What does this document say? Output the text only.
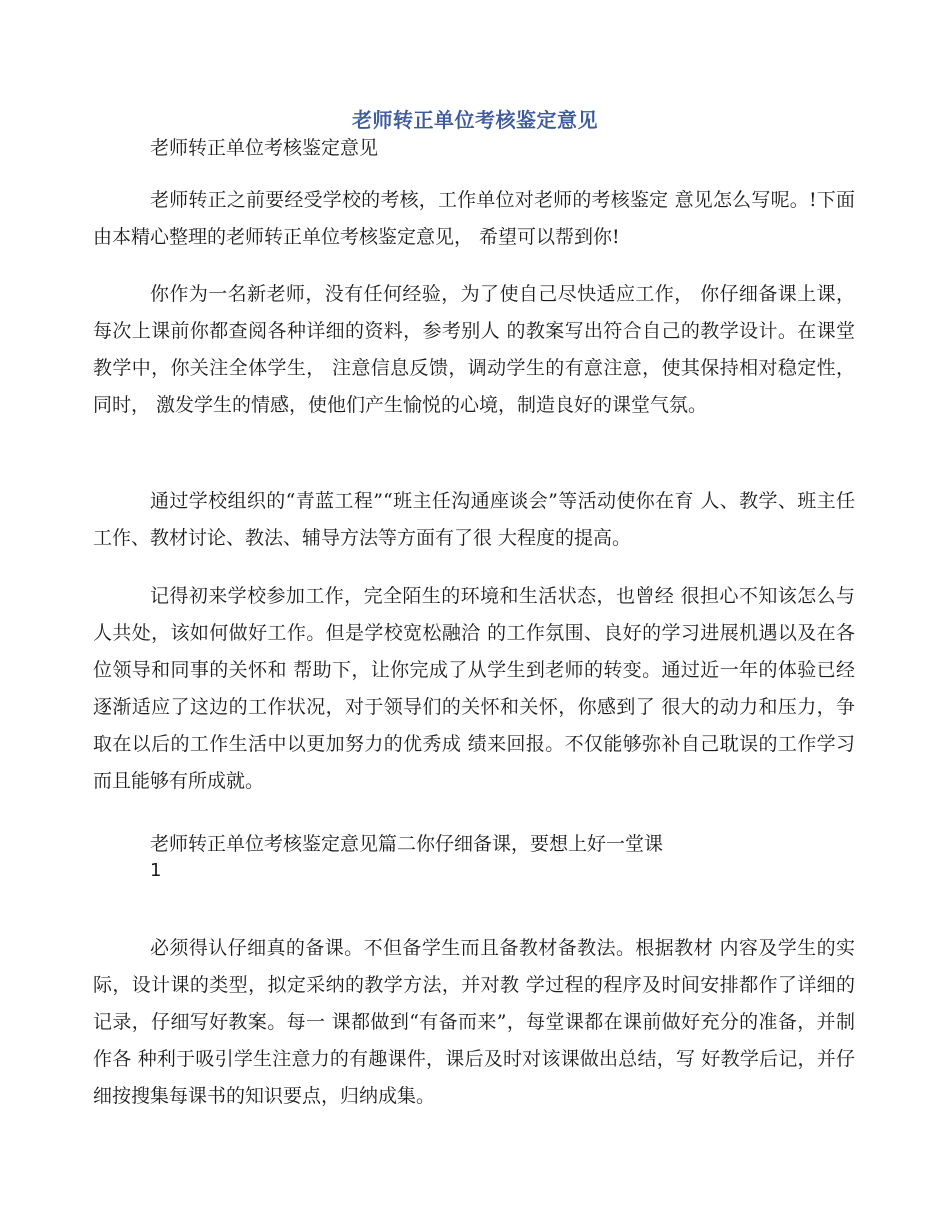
老师转正单位考核鉴定意见

老师转正单位考核鉴定意见

老师转正之前要经受学校的考核，工作单位对老师的考核鉴定 意见怎么写呢。!下面由本精心整理的老师转正单位考核鉴定意见， 希望可以帮到你!

你作为一名新老师，没有任何经验，为了使自己尽快适应工作， 你仔细备课上课，每次上课前你都查阅各种详细的资料，参考别人 的教案写出符合自己的教学设计。在课堂教学中，你关注全体学生， 注意信息反馈，调动学生的有意注意，使其保持相对稳定性，同时， 激发学生的情感，使他们产生愉悦的心境，制造良好的课堂气氛。

通过学校组织的“青蓝工程”“班主任沟通座谈会”等活动使你在育 人、教学、班主任工作、教材讨论、教法、辅导方法等方面有了很 大程度的提高。

记得初来学校参加工作，完全陌生的环境和生活状态，也曾经 很担心不知该怎么与人共处，该如何做好工作。但是学校宽松融洽 的工作氛围、良好的学习进展机遇以及在各位领导和同事的关怀和 帮助下，让你完成了从学生到老师的转变。通过近一年的体验已经 逐渐适应了这边的工作状况，对于领导们的关怀和关怀，你感到了 很大的动力和压力，争取在以后的工作生活中以更加努力的优秀成 绩来回报。不仅能够弥补自己耽误的工作学习而且能够有所成就。

老师转正单位考核鉴定意见篇二你仔细备课，要想上好一堂课

1

必须得认仔细真的备课。不但备学生而且备教材备教法。根据教材 内容及学生的实际，设计课的类型，拟定采纳的教学方法，并对教 学过程的程序及时间安排都作了详细的记录，仔细写好教案。每一 课都做到“有备而来”，每堂课都在课前做好充分的准备，并制作各 种利于吸引学生注意力的有趣课件，课后及时对该课做出总结，写 好教学后记，并仔细按搜集每课书的知识要点，归纳成集。
